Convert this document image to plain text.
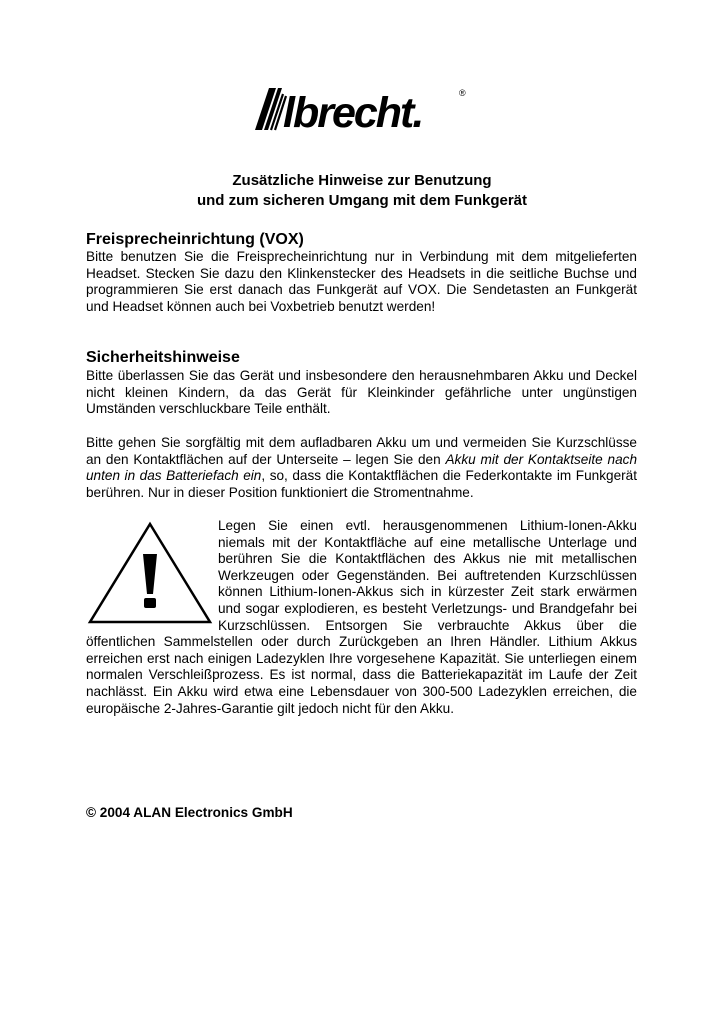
lbrecht.	®
Zusätzliche Hinweise zur Benutzung
und zum sicheren Umgang mit dem Funkgerät
Freisprecheinrichtung (VOX)

Bitte benutzen Sie die Freisprecheinrichtung nur in Verbindung mit dem mitgelieferten Headset. Stecken Sie dazu den Klinkenstecker des Headsets in die seitliche Buchse und programmieren Sie erst danach das Funkgerät auf VOX. Die Sendetasten an Funkgerät und Headset können auch bei Voxbetrieb benutzt werden!

Sicherheitshinweise

Bitte überlassen Sie das Gerät und insbesondere den herausnehmbaren Akku und Deckel nicht kleinen Kindern, da das Gerät für Kleinkinder gefährliche unter ungünstigen Umständen verschluckbare Teile enthält.

Bitte gehen Sie sorgfältig mit dem aufladbaren Akku um und vermeiden Sie Kurzschlüsse an den Kontaktflächen auf der Unterseite – legen Sie den Akku mit der Kontaktseite nach unten in das Batteriefach ein, so, dass die Kontaktflächen die Federkontakte im Funkgerät berühren. Nur in dieser Position funktioniert die Stromentnahme.

Legen Sie einen evtl. herausgenommenen Lithium-Ionen-Akku niemals mit der Kontaktfläche auf eine metallische Unterlage und berühren Sie die Kontaktflächen des Akkus nie mit metallischen Werkzeugen oder Gegenständen. Bei auftretenden Kurzschlüssen können Lithium-Ionen-Akkus sich in kürzester Zeit stark erwärmen und sogar explodieren, es besteht Verletzungs- und Brandgefahr bei Kurzschlüssen. Entsorgen Sie verbrauchte Akkus über die öffentlichen Sammelstellen oder durch Zurückgeben an Ihren Händler. Lithium Akkus erreichen erst nach einigen Ladezyklen Ihre vorgesehene Kapazität. Sie unterliegen einem normalen Verschleißprozess. Es ist normal, dass die Batteriekapazität im Laufe der Zeit nachlässt. Ein Akku wird etwa eine Lebensdauer von 300-500 Ladezyklen erreichen, die europäische 2-Jahres-Garantie gilt jedoch nicht für den Akku.
© 2004 ALAN Electronics GmbH
